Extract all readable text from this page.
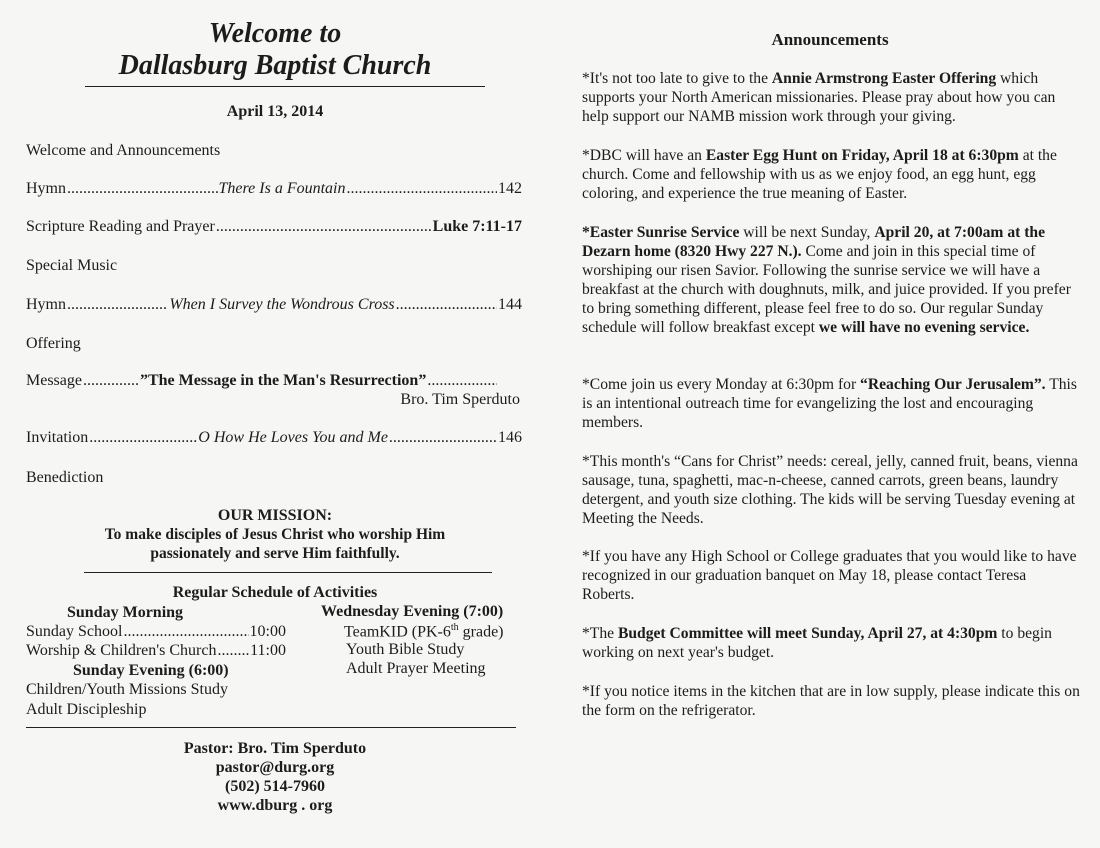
Welcome to
Dallasburg Baptist Church
April 13, 2014
Welcome and Announcements
Hymn .....	There Is a Fountain .....	142
Scripture Reading and Prayer .....	Luke 7:11-17
Special Music
Hymn .....	When I Survey the Wondrous Cross .....	144
Offering
Message .....	”The Message in the Man's Resurrection”
.....
Bro. Tim Sperduto
Invitation .....	O How He Loves You and Me .....	146
Benediction
OUR MISSION:
To make disciples of Jesus Christ who worship Him
passionately and serve Him faithfully.
Regular Schedule of Activities
Sunday Morning
Sunday School .....	10:00
Worship & Children's Church ..... 11:00
Sunday Evening (6:00)
Children/Youth Missions Study
Adult Discipleship
Wednesday Evening (7:00)
TeamKID (PK-6th grade)
Youth Bible Study
Adult Prayer Meeting
Pastor: Bro. Tim Sperduto
pastor@durg.org
(502) 514-7960
www.dburg . org
Announcements
*It's not too late to give to the Annie Armstrong Easter Offering which supports your North American missionaries. Please pray about how you can help support our NAMB mission work through your giving.
*DBC will have an Easter Egg Hunt on Friday, April 18 at 6:30pm at the church. Come and fellowship with us as we enjoy food, an egg hunt, egg coloring, and experience the true meaning of Easter.
*Easter Sunrise Service will be next Sunday, April 20, at 7:00am at the Dezarn home (8320 Hwy 227 N.). Come and join in this special time of worshiping our risen Savior. Following the sunrise service we will have a breakfast at the church with doughnuts, milk, and juice provided. If you prefer to bring something different, please feel free to do so. Our regular Sunday schedule will follow breakfast except we will have no evening service.
*Come join us every Monday at 6:30pm for “Reaching Our Jerusalem”. This is an intentional outreach time for evangelizing the lost and encouraging members.
*This month's “Cans for Christ” needs: cereal, jelly, canned fruit, beans, vienna sausage, tuna, spaghetti, mac-n-cheese, canned carrots, green beans, laundry detergent, and youth size clothing. The kids will be serving Tuesday evening at Meeting the Needs.
*If you have any High School or College graduates that you would like to have recognized in our graduation banquet on May 18, please contact Teresa Roberts.
*The Budget Committee will meet Sunday, April 27, at 4:30pm to begin working on next year's budget.
*If you notice items in the kitchen that are in low supply, please indicate this on the form on the refrigerator.
